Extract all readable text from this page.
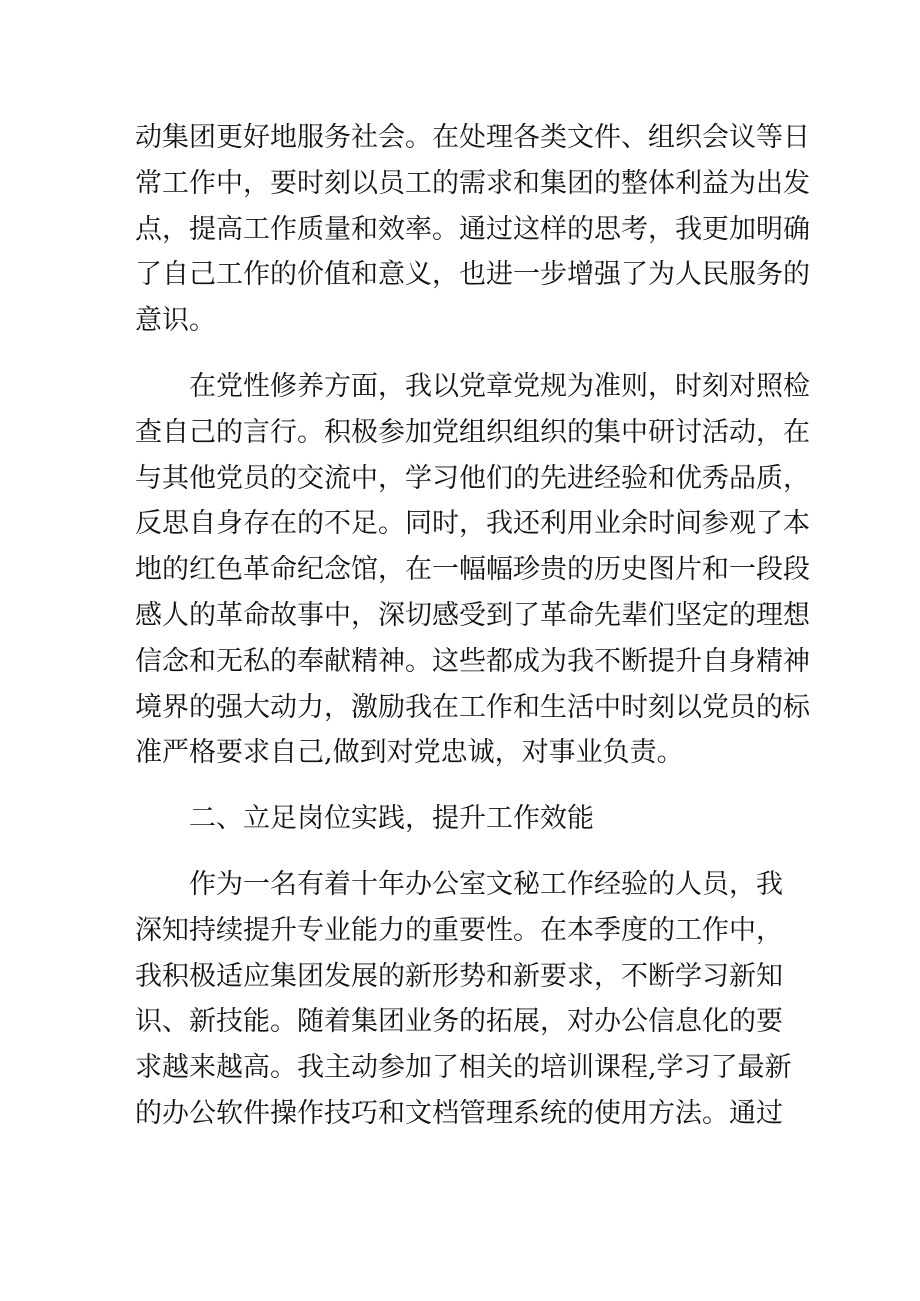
动集团更好地服务社会。在处理各类文件、组织会议等日
常工作中，要时刻以员工的需求和集团的整体利益为出发
点，提高工作质量和效率。通过这样的思考，我更加明确
了自己工作的价值和意义，也进一步增强了为人民服务的
意识。

在党性修养方面，我以党章党规为准则，时刻对照检
查自己的言行。积极参加党组织组织的集中研讨活动，在
与其他党员的交流中，学习他们的先进经验和优秀品质，
反思自身存在的不足。同时，我还利用业余时间参观了本
地的红色革命纪念馆，在一幅幅珍贵的历史图片和一段段
感人的革命故事中，深切感受到了革命先辈们坚定的理想
信念和无私的奉献精神。这些都成为我不断提升自身精神
境界的强大动力，激励我在工作和生活中时刻以党员的标
准严格要求自己,做到对党忠诚，对事业负责。

二、立足岗位实践，提升工作效能

作为一名有着十年办公室文秘工作经验的人员，我
深知持续提升专业能力的重要性。在本季度的工作中，
我积极适应集团发展的新形势和新要求，不断学习新知
识、新技能。随着集团业务的拓展，对办公信息化的要
求越来越高。我主动参加了相关的培训课程,学习了最新
的办公软件操作技巧和文档管理系统的使用方法。通过
